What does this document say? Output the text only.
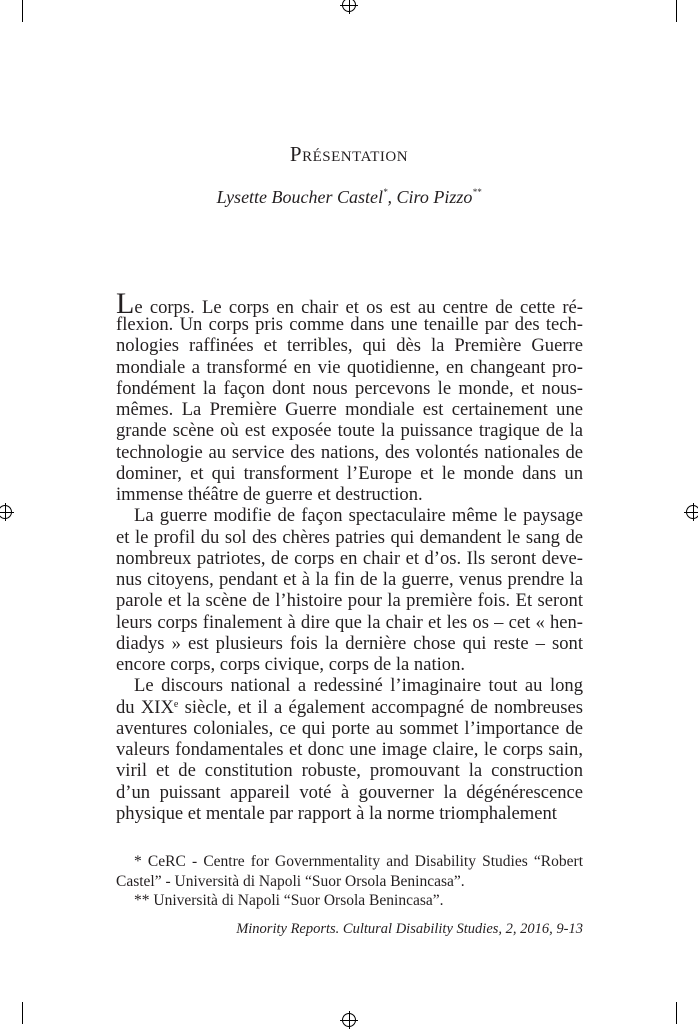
Présentation
Lysette Boucher Castel*, Ciro Pizzo**
Le corps. Le corps en chair et os est au centre de cette ré-
flexion. Un corps pris comme dans une tenaille par des tech-
nologies raffinées et terribles, qui dès la Première Guerre
mondiale a transformé en vie quotidienne, en changeant pro-
fondément la façon dont nous percevons le monde, et nous-
mêmes. La Première Guerre mondiale est certainement une
grande scène où est exposée toute la puissance tragique de la
technologie au service des nations, des volontés nationales de
dominer, et qui transforment l’Europe et le monde dans un
immense théâtre de guerre et destruction.
La guerre modifie de façon spectaculaire même le paysage
et le profil du sol des chères patries qui demandent le sang de
nombreux patriotes, de corps en chair et d’os. Ils seront deve-
nus citoyens, pendant et à la fin de la guerre, venus prendre la
parole et la scène de l’histoire pour la première fois. Et seront
leurs corps finalement à dire que la chair et les os – cet « hen-
diadys » est plusieurs fois la dernière chose qui reste – sont
encore corps, corps civique, corps de la nation.
Le discours national a redessiné l’imaginaire tout au long
du XIXe siècle, et il a également accompagné de nombreuses
aventures coloniales, ce qui porte au sommet l’importance de
valeurs fondamentales et donc une image claire, le corps sain,
viril et de constitution robuste, promouvant la construction
d’un puissant appareil voté à gouverner la dégénérescence
physique et mentale par rapport à la norme triomphalement
* CeRC - Centre for Governmentality and Disability Studies “Robert
Castel” - Università di Napoli “Suor Orsola Benincasa”.
** Università di Napoli “Suor Orsola Benincasa”.
Minority Reports. Cultural Disability Studies, 2, 2016, 9-13
